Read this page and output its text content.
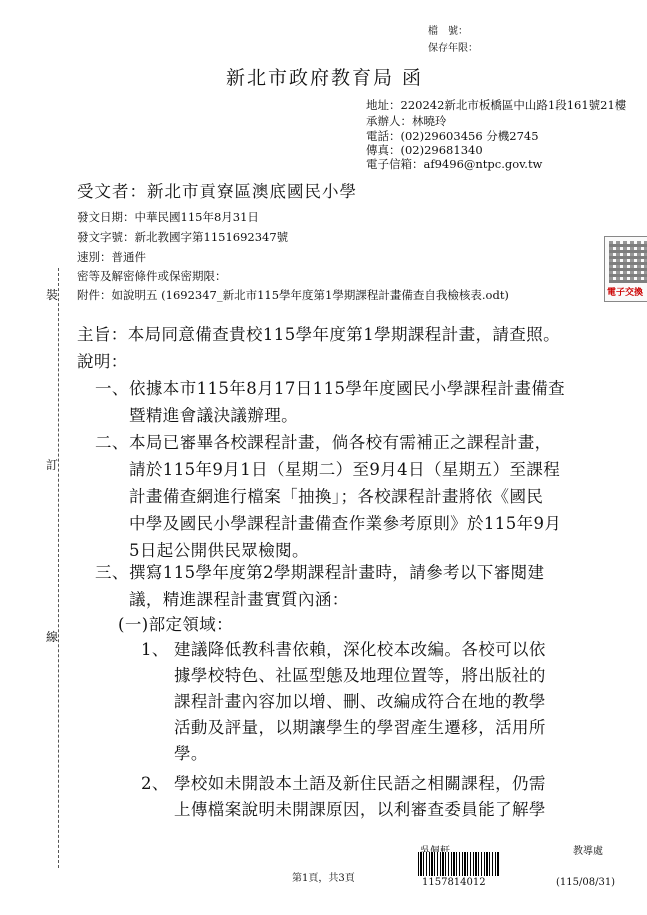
檔　號：
保存年限：
新北市政府教育局 函
地址：220242新北市板橋區中山路1段161號21樓
承辦人：林曉玲
電話：(02)29603456 分機2745
傳真：(02)29681340
電子信箱：af9496@ntpc.gov.tw
受文者：新北市貢寮區澳底國民小學
發文日期：中華民國115年8月31日
發文字號：新北教國字第1151692347號
速別：普通件
密等及解密條件或保密期限：
附件：如說明五 (1692347_新北市115學年度第1學期課程計畫備查自我檢核表.odt)
裝
訂
線
電子交換
主旨：本局同意備查貴校115學年度第1學期課程計畫，請查照。
說明：
一、 依據本市115年8月17日115學年度國民小學課程計畫備查
暨精進會議決議辦理。
二、 本局已審畢各校課程計畫，倘各校有需補正之課程計畫，
請於115年9月1日（星期二）至9月4日（星期五）至課程
計畫備查網進行檔案「抽換」；各校課程計畫將依《國民
中學及國民小學課程計畫備查作業參考原則》於115年9月
5日起公開供民眾檢閱。
三、 撰寫115學年度第2學期課程計畫時，請參考以下審閱建
議，精進課程計畫實質內涵：
(一)部定領域：
1、 建議降低教科書依賴，深化校本改編。各校可以依
據學校特色、社區型態及地理位置等，將出版社的
課程計畫內容加以增、刪、改編成符合在地的教學
活動及評量，以期讓學生的學習產生遷移，活用所
學。
2、 學校如未開設本土語及新住民語之相關課程，仍需
上傳檔案說明未開課原因，以利審查委員能了解學
教導處
第1頁，共3頁	1157814012	(115/08/31)
